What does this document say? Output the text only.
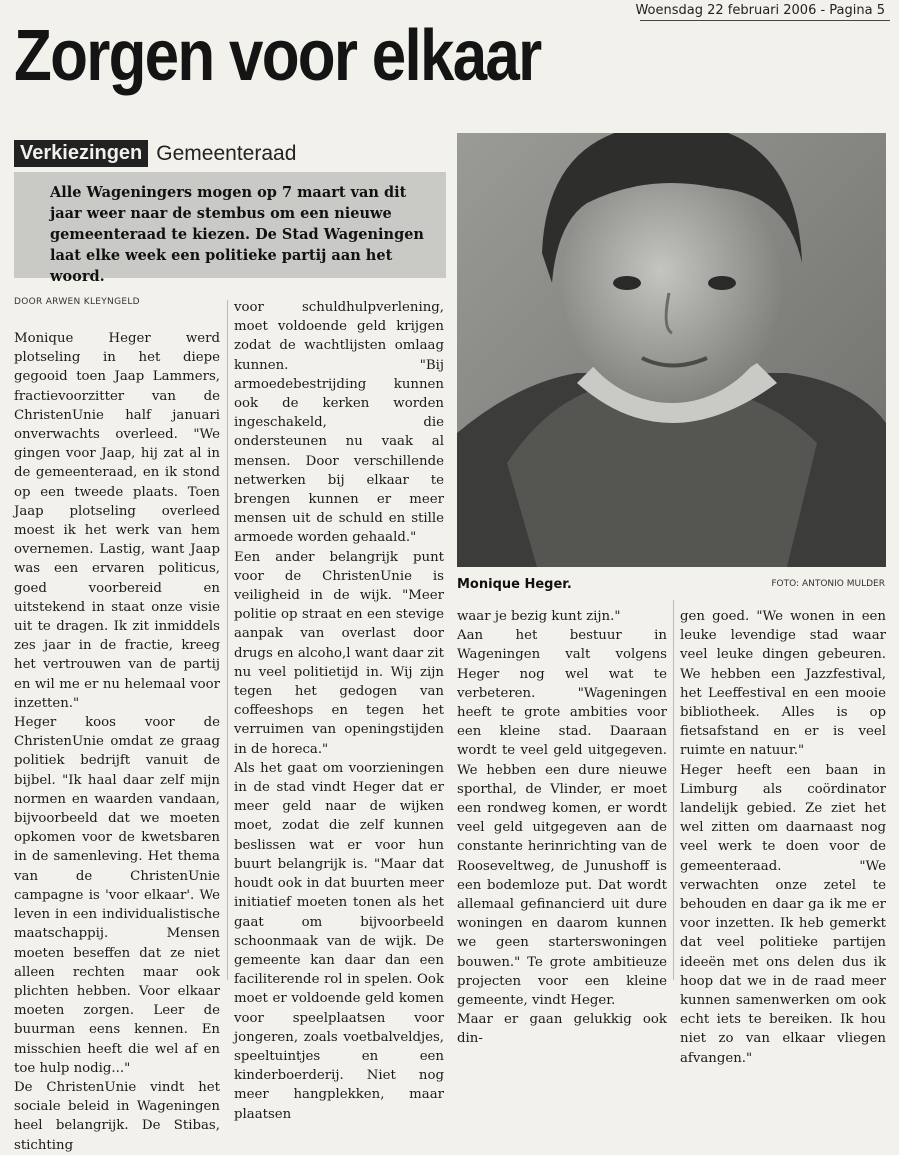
Woensdag 22 februari 2006 - Pagina 5
Zorgen voor elkaar
Verkiezingen Gemeenteraad
Alle Wageningers mogen op 7 maart van dit jaar weer naar de stembus om een nieuwe gemeenteraad te kiezen. De Stad Wageningen laat elke week een politieke partij aan het woord.
DOOR ARWEN KLEYNGELD

Monique Heger werd plotseling in het diepe gegooid toen Jaap Lammers, fractievoorzitter van de ChristenUnie half januari onverwachts overleed. "We gingen voor Jaap, hij zat al in de gemeenteraad, en ik stond op een tweede plaats. Toen Jaap plotseling overleed moest ik het werk van hem overnemen. Lastig, want Jaap was een ervaren politicus, goed voorbereid en uitstekend in staat onze visie uit te dragen. Ik zit inmiddels zes jaar in de fractie, kreeg het vertrouwen van de partij en wil me er nu helemaal voor inzetten."

Heger koos voor de ChristenUnie omdat ze graag politiek bedrijft vanuit de bijbel. "Ik haal daar zelf mijn normen en waarden vandaan, bijvoorbeeld dat we moeten opkomen voor de kwetsbaren in de samenleving. Het thema van de ChristenUnie campagne is 'voor elkaar'. We leven in een individualistische maatschappij. Mensen moeten beseffen dat ze niet alleen rechten maar ook plichten hebben. Voor elkaar moeten zorgen. Leer de buurman eens kennen. En misschien heeft die wel af en toe hulp nodig..."

De ChristenUnie vindt het sociale beleid in Wageningen heel belangrijk. De Stibas, stichting

voor schuldhulpverlening, moet voldoende geld krijgen zodat de wachtlijsten omlaag kunnen. "Bij armoedebestrijding kunnen ook de kerken worden ingeschakeld, die ondersteunen nu vaak al mensen. Door verschillende netwerken bij elkaar te brengen kunnen er meer mensen uit de schuld en stille armoede worden gehaald."

Een ander belangrijk punt voor de ChristenUnie is veiligheid in de wijk. "Meer politie op straat en een stevige aanpak van overlast door drugs en alcoho,l want daar zit nu veel politietijd in. Wij zijn tegen het gedogen van coffeeshops en tegen het verruimen van openingstijden in de horeca."

Als het gaat om voorzieningen in de stad vindt Heger dat er meer geld naar de wijken moet, zodat die zelf kunnen beslissen wat er voor hun buurt belangrijk is. "Maar dat houdt ook in dat buurten meer initiatief moeten tonen als het gaat om bijvoorbeeld schoonmaak van de wijk. De gemeente kan daar dan een faciliterende rol in spelen. Ook moet er voldoende geld komen voor speelplaatsen voor jongeren, zoals voetbalveldjes, speeltuintjes en een kinderboerderij. Niet nog meer hangplekken, maar plaatsen

Monique Heger.	FOTO: ANTONIO MULDER

waar je bezig kunt zijn."

Aan het bestuur in Wageningen valt volgens Heger nog wel wat te verbeteren. "Wageningen heeft te grote ambities voor een kleine stad. Daaraan wordt te veel geld uitgegeven. We hebben een dure nieuwe sporthal, de Vlinder, er moet een rondweg komen, er wordt veel geld uitgegeven aan de constante herinrichting van de Rooseveltweg, de Junushoff is een bodemloze put. Dat wordt allemaal gefinancierd uit dure woningen en daarom kunnen we geen starterswoningen bouwen." Te grote ambitieuze projecten voor een kleine gemeente, vindt Heger.

Maar er gaan gelukkig ook din-

gen goed. "We wonen in een leuke levendige stad waar veel leuke dingen gebeuren. We hebben een Jazzfestival, het Leeffestival en een mooie bibliotheek. Alles is op fietsafstand en er is veel ruimte en natuur."

Heger heeft een baan in Limburg als coördinator landelijk gebied. Ze ziet het wel zitten om daarnaast nog veel werk te doen voor de gemeenteraad. "We verwachten onze zetel te behouden en daar ga ik me er voor inzetten. Ik heb gemerkt dat veel politieke partijen ideeën met ons delen dus ik hoop dat we in de raad meer kunnen samenwerken om ook echt iets te bereiken. Ik hou niet zo van elkaar vliegen afvangen."
